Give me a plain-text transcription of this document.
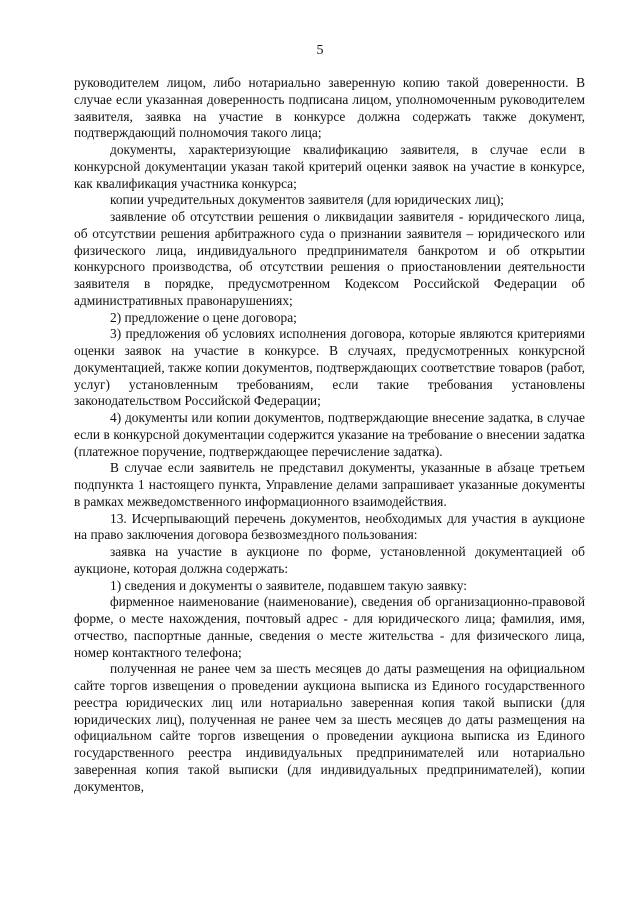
5

руководителем лицом, либо нотариально заверенную копию такой доверенности. В случае если указанная доверенность подписана лицом, уполномоченным руководителем заявителя, заявка на участие в конкурсе должна содержать также документ, подтверждающий полномочия такого лица;

документы, характеризующие квалификацию заявителя, в случае если в конкурсной документации указан такой критерий оценки заявок на участие в конкурсе, как квалификация участника конкурса;

копии учредительных документов заявителя (для юридических лиц);

заявление об отсутствии решения о ликвидации заявителя - юридического лица, об отсутствии решения арбитражного суда о признании заявителя – юридического или физического лица, индивидуального предпринимателя банкротом и об открытии конкурсного производства, об отсутствии решения о приостановлении деятельности заявителя в порядке, предусмотренном Кодексом Российской Федерации об административных правонарушениях;

2) предложение о цене договора;

3) предложения об условиях исполнения договора, которые являются критериями оценки заявок на участие в конкурсе. В случаях, предусмотренных конкурсной документацией, также копии документов, подтверждающих соответствие товаров (работ, услуг) установленным требованиям, если такие требования установлены законодательством Российской Федерации;

4) документы или копии документов, подтверждающие внесение задатка, в случае если в конкурсной документации содержится указание на требование о внесении задатка (платежное поручение, подтверждающее перечисление задатка).

В случае если заявитель не представил документы, указанные в абзаце третьем подпункта 1 настоящего пункта, Управление делами запрашивает указанные документы в рамках межведомственного информационного взаимодействия.

13. Исчерпывающий перечень документов, необходимых для участия в аукционе на право заключения договора безвозмездного пользования:

заявка на участие в аукционе по форме, установленной документацией об аукционе, которая должна содержать:

1) сведения и документы о заявителе, подавшем такую заявку:

фирменное наименование (наименование), сведения об организационно-правовой форме, о месте нахождения, почтовый адрес - для юридического лица; фамилия, имя, отчество, паспортные данные, сведения о месте жительства - для физического лица, номер контактного телефона;

полученная не ранее чем за шесть месяцев до даты размещения на официальном сайте торгов извещения о проведении аукциона выписка из Единого государственного реестра юридических лиц или нотариально заверенная копия такой выписки (для юридических лиц), полученная не ранее чем за шесть месяцев до даты размещения на официальном сайте торгов извещения о проведении аукциона выписка из Единого государственного реестра индивидуальных предпринимателей или нотариально заверенная копия такой выписки (для индивидуальных предпринимателей), копии документов,
